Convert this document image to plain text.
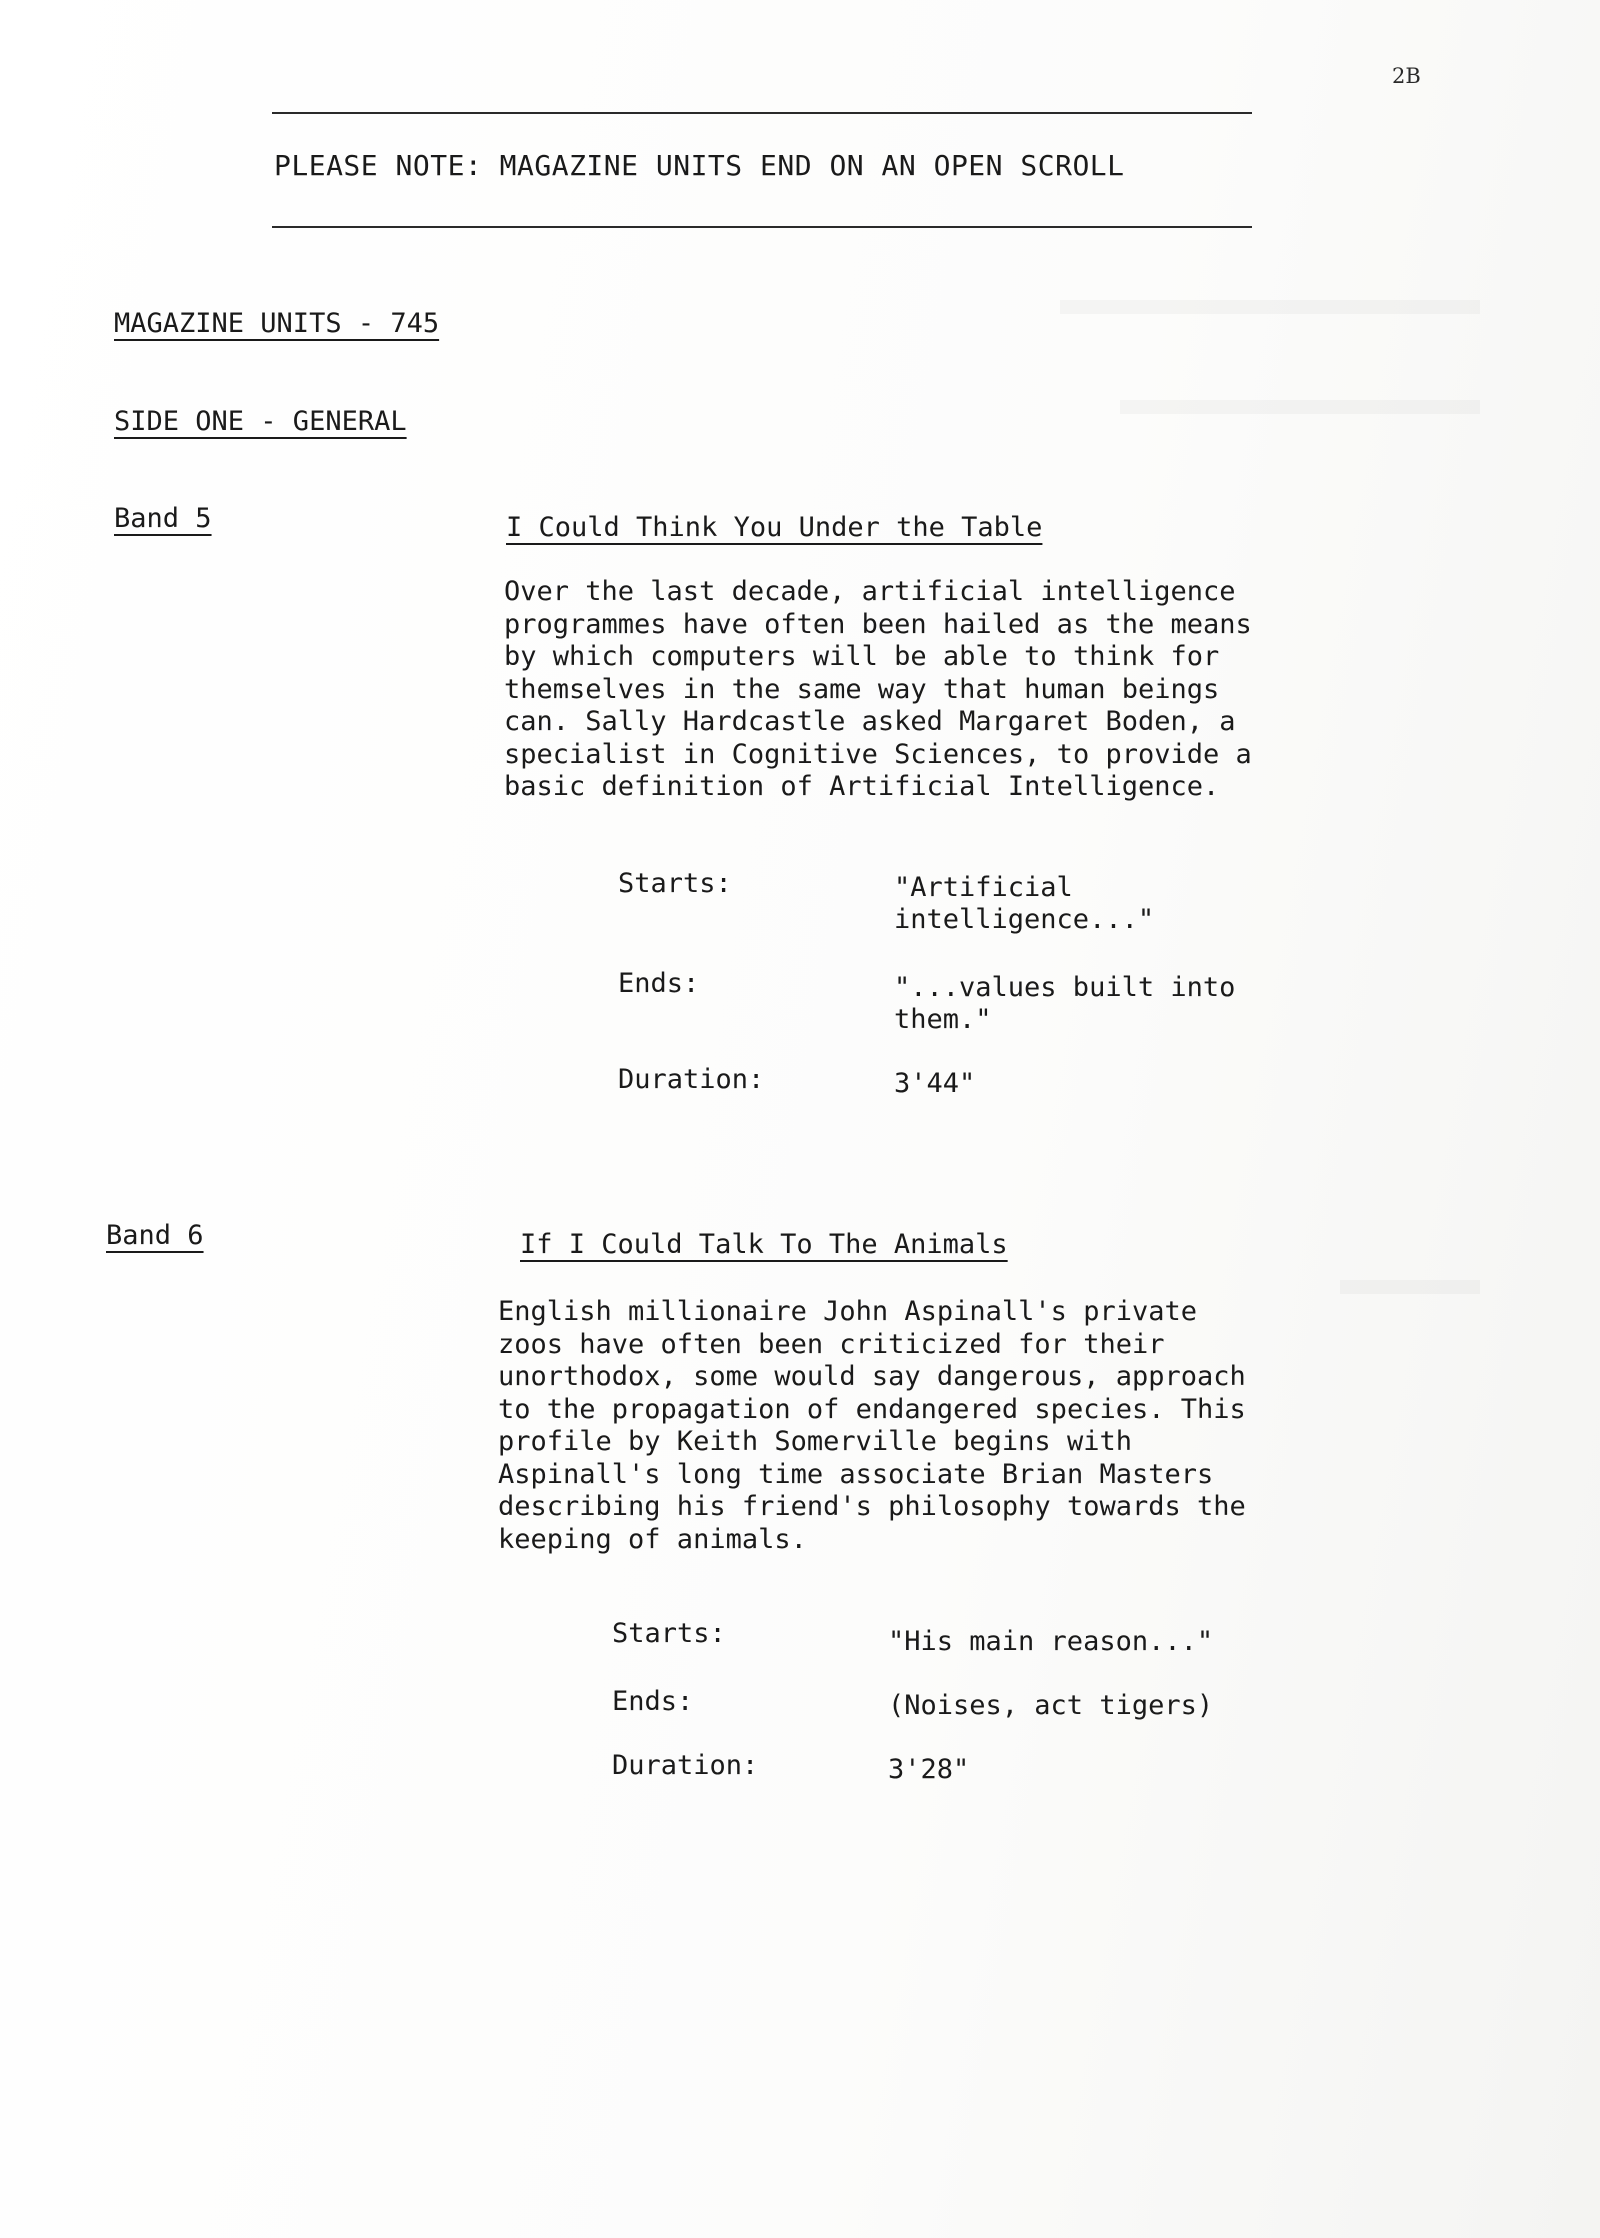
2B
PLEASE NOTE: MAGAZINE UNITS END ON AN OPEN SCROLL
MAGAZINE UNITS - 745
SIDE ONE - GENERAL
Band 5	I Could Think You Under the Table
Over the last decade, artificial intelligence
programmes have often been hailed as the means
by which computers will be able to think for
themselves in the same way that human beings
can. Sally Hardcastle asked Margaret Boden, a
specialist in Cognitive Sciences, to provide a
basic definition of Artificial Intelligence.
Starts:	"Artificial
intelligence..."
Ends:	"...values built into
them."
Duration:	3'44"
Band 6	If I Could Talk To The Animals
English millionaire John Aspinall's private
zoos have often been criticized for their
unorthodox, some would say dangerous, approach
to the propagation of endangered species. This
profile by Keith Somerville begins with
Aspinall's long time associate Brian Masters
describing his friend's philosophy towards the
keeping of animals.
Starts:	"His main reason..."
Ends:	(Noises, act tigers)
Duration:	3'28"
